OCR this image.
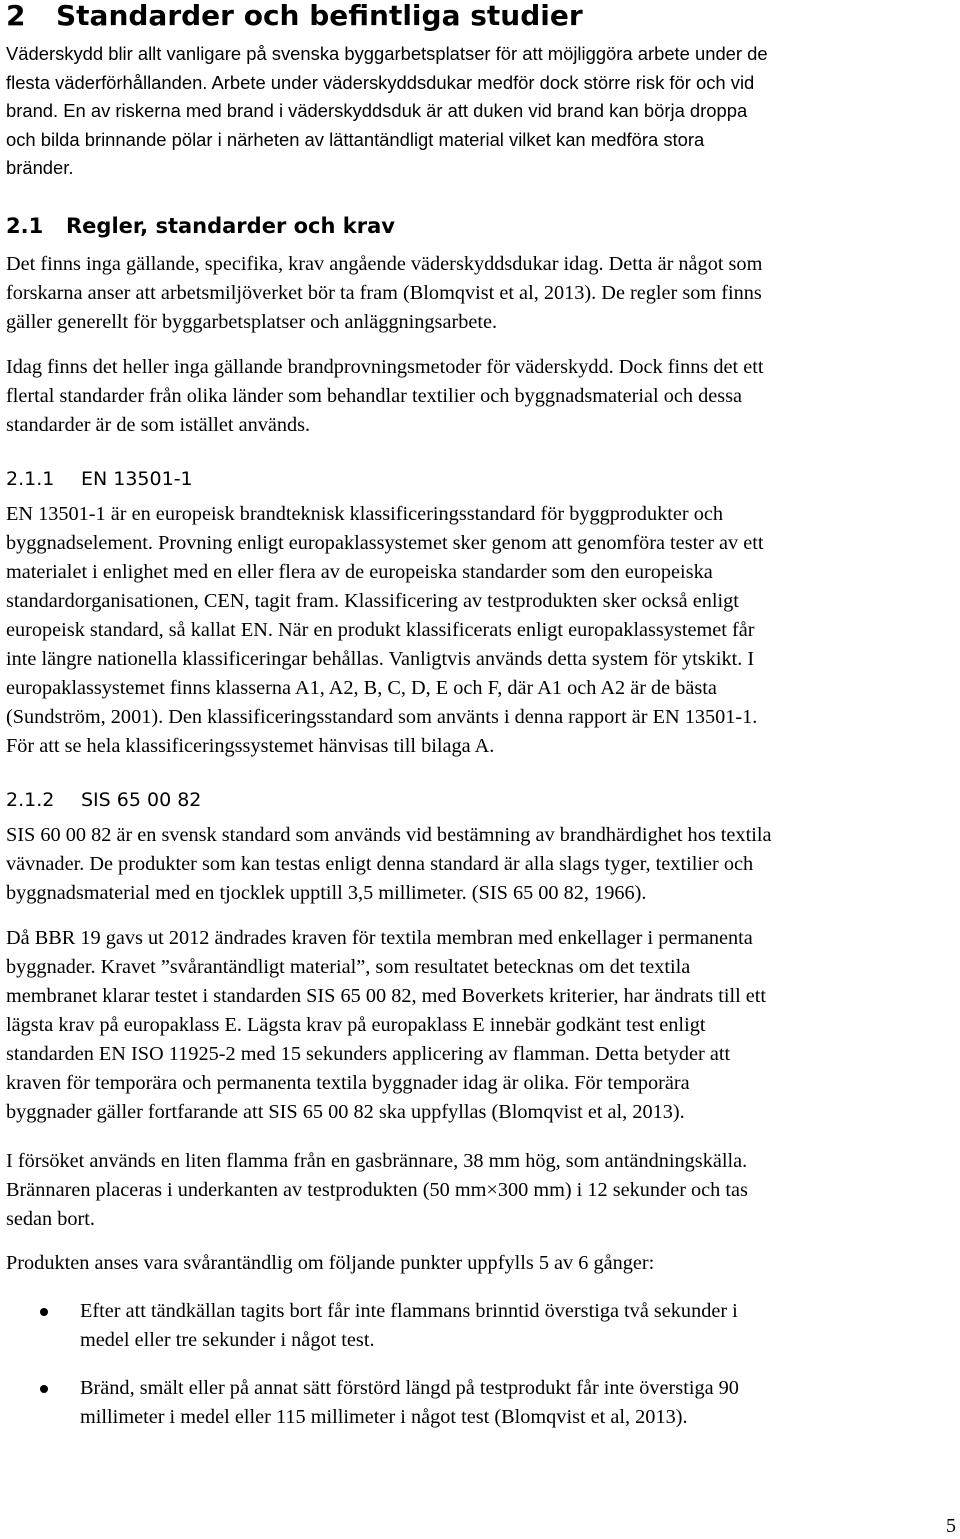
2 Standarder och befintliga studier
Väderskydd blir allt vanligare på svenska byggarbetsplatser för att möjliggöra arbete under de
flesta väderförhållanden. Arbete under väderskyddsdukar medför dock större risk för och vid
brand. En av riskerna med brand i väderskyddsduk är att duken vid brand kan börja droppa
och bilda brinnande pölar i närheten av lättantändligt material vilket kan medföra stora
bränder.
2.1 Regler, standarder och krav
Det finns inga gällande, specifika, krav angående väderskyddsdukar idag. Detta är något som
forskarna anser att arbetsmiljöverket bör ta fram (Blomqvist et al, 2013). De regler som finns
gäller generellt för byggarbetsplatser och anläggningsarbete.
Idag finns det heller inga gällande brandprovningsmetoder för väderskydd. Dock finns det ett
flertal standarder från olika länder som behandlar textilier och byggnadsmaterial och dessa
standarder är de som istället används.
2.1.1 EN 13501-1
EN 13501-1 är en europeisk brandteknisk klassificeringsstandard för byggprodukter och
byggnadselement. Provning enligt europaklassystemet sker genom att genomföra tester av ett
materialet i enlighet med en eller flera av de europeiska standarder som den europeiska
standardorganisationen, CEN, tagit fram. Klassificering av testprodukten sker också enligt
europeisk standard, så kallat EN. När en produkt klassificerats enligt europaklassystemet får
inte längre nationella klassificeringar behållas. Vanligtvis används detta system för ytskikt. I
europaklassystemet finns klasserna A1, A2, B, C, D, E och F, där A1 och A2 är de bästa
(Sundström, 2001). Den klassificeringsstandard som använts i denna rapport är EN 13501-1.
För att se hela klassificeringssystemet hänvisas till bilaga A.
2.1.2 SIS 65 00 82
SIS 60 00 82 är en svensk standard som används vid bestämning av brandhärdighet hos textila
vävnader. De produkter som kan testas enligt denna standard är alla slags tyger, textilier och
byggnadsmaterial med en tjocklek upptill 3,5 millimeter. (SIS 65 00 82, 1966).
Då BBR 19 gavs ut 2012 ändrades kraven för textila membran med enkellager i permanenta
byggnader. Kravet ”svårantändligt material”, som resultatet betecknas om det textila
membranet klarar testet i standarden SIS 65 00 82, med Boverkets kriterier, har ändrats till ett
lägsta krav på europaklass E. Lägsta krav på europaklass E innebär godkänt test enligt
standarden EN ISO 11925-2 med 15 sekunders applicering av flamman. Detta betyder att
kraven för temporära och permanenta textila byggnader idag är olika. För temporära
byggnader gäller fortfarande att SIS 65 00 82 ska uppfyllas (Blomqvist et al, 2013).
I försöket används en liten flamma från en gasbrännare, 38 mm hög, som antändningskälla.
Brännaren placeras i underkanten av testprodukten (50 mm×300 mm) i 12 sekunder och tas
sedan bort.
Produkten anses vara svårantändlig om följande punkter uppfylls 5 av 6 gånger:
Efter att tändkällan tagits bort får inte flammans brinntid överstiga två sekunder i
medel eller tre sekunder i något test.
Bränd, smält eller på annat sätt förstörd längd på testprodukt får inte överstiga 90
millimeter i medel eller 115 millimeter i något test (Blomqvist et al, 2013).
5
